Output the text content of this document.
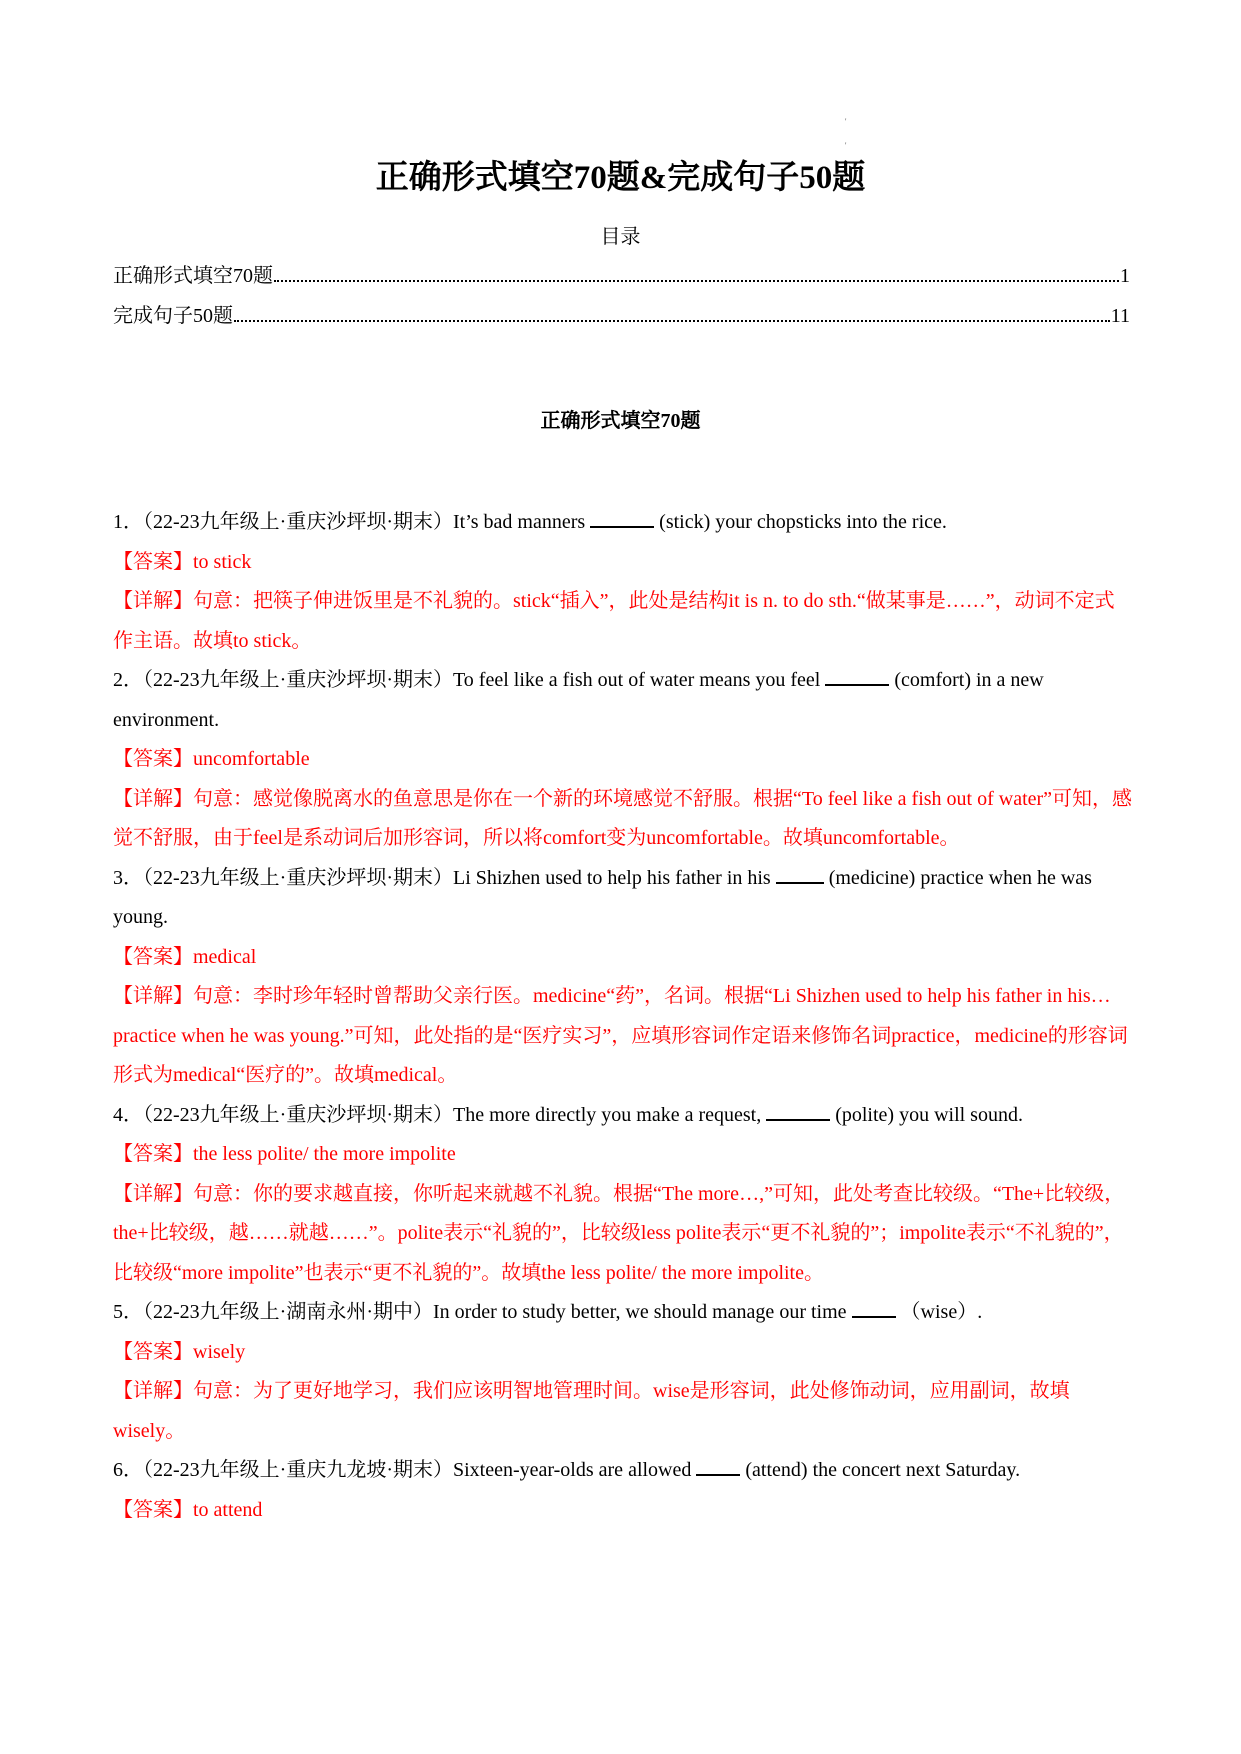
'
'
正确形式填空70题&完成句子50题
目录
正确形式填空70题	1
完成句子50题	11
正确形式填空70题

1．（22-23九年级上·重庆沙坪坝·期末）It’s bad manners	(stick) your chopsticks into the rice.

【答案】to stick

【详解】句意：把筷子伸进饭里是不礼貌的。stick“插入”，此处是结构it is n. to do sth.“做某事是……”，动词不定式作主语。故填to stick。

2．（22-23九年级上·重庆沙坪坝·期末）To feel like a fish out of water means you feel	(comfort) in a new environment.

【答案】uncomfortable

【详解】句意：感觉像脱离水的鱼意思是你在一个新的环境感觉不舒服。根据“To feel like a fish out of water”可知，感觉不舒服，由于feel是系动词后加形容词，所以将comfort变为uncomfortable。故填uncomfortable。

3．（22-23九年级上·重庆沙坪坝·期末）Li Shizhen used to help his father in his  (medicine) practice when he was young.

【答案】medical

【详解】句意：李时珍年轻时曾帮助父亲行医。medicine“药”，名词。根据“Li Shizhen used to help his father in his…practice when he was young.”可知，此处指的是“医疗实习”，应填形容词作定语来修饰名词practice，medicine的形容词形式为medical“医疗的”。故填medical。

4．（22-23九年级上·重庆沙坪坝·期末）The more directly you make a request,	(polite) you will sound.

【答案】the less polite/ the more impolite

【详解】句意：你的要求越直接，你听起来就越不礼貌。根据“The more…,”可知，此处考查比较级。“The+比较级，the+比较级，越……就越……”。polite表示“礼貌的”，比较级less polite表示“更不礼貌的”；impolite表示“不礼貌的”，比较级“more impolite”也表示“更不礼貌的”。故填the less polite/ the more impolite。

5．（22-23九年级上·湖南永州·期中）In order to study better, we should manage our time  （wise）.

【答案】wisely

【详解】句意：为了更好地学习，我们应该明智地管理时间。wise是形容词，此处修饰动词，应用副词，故填wisely。

6．（22-23九年级上·重庆九龙坡·期末）Sixteen-year-olds are allowed  (attend) the concert next Saturday.

【答案】to attend
